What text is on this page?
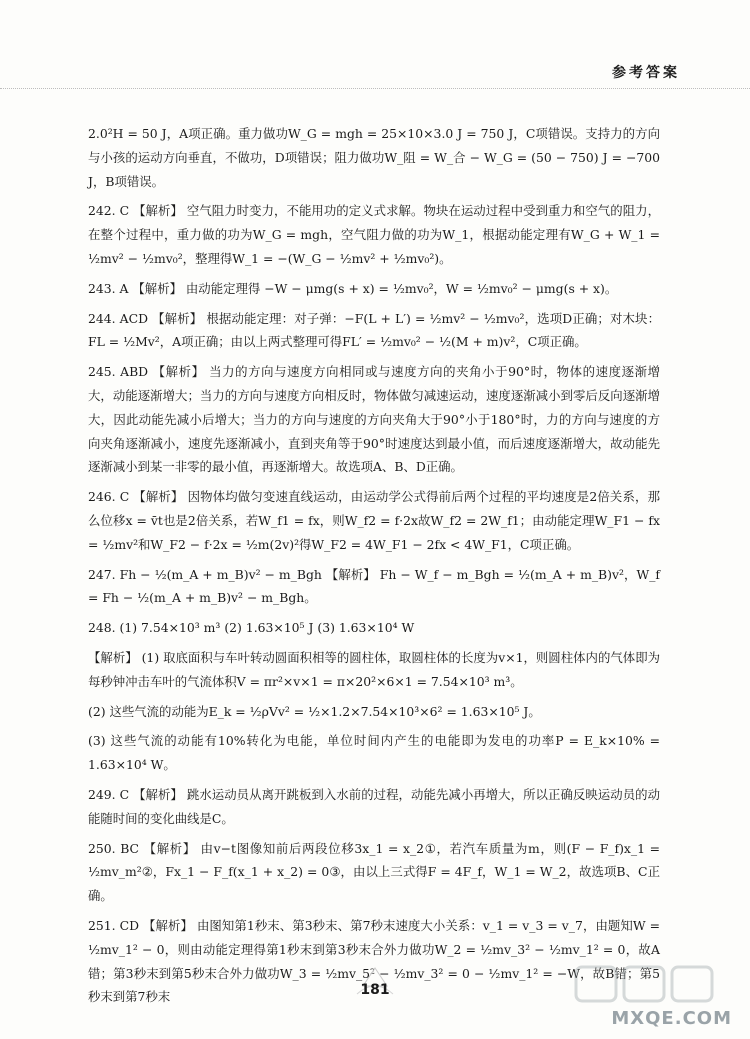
参考答案

2.0²H = 50 J，A项正确。重力做功W_G = mgh = 25×10×3.0 J = 750 J，C项错误。支持力的方向与小孩的运动方向垂直，不做功，D项错误；阻力做功W_阻 = W_合 − W_G = (50 − 750) J = −700 J，B项错误。

242. C 【解析】 空气阻力时变力，不能用功的定义式求解。物块在运动过程中受到重力和空气的阻力，在整个过程中，重力做的功为W_G = mgh，空气阻力做的功为W_1，根据动能定理有W_G + W_1 = ½mv² − ½mv₀²，整理得W_1 = −(W_G − ½mv² + ½mv₀²)。

243. A 【解析】 由动能定理得 −W − μmg(s + x) = ½mv₀²，W = ½mv₀² − μmg(s + x)。

244. ACD 【解析】 根据动能定理：对子弹：−F(L + L′) = ½mv² − ½mv₀²，选项D正确；对木块：FL = ½Mv²，A项正确；由以上两式整理可得FL′ = ½mv₀² − ½(M + m)v²，C项正确。

245. ABD 【解析】 当力的方向与速度方向相同或与速度方向的夹角小于90°时，物体的速度逐渐增大，动能逐渐增大；当力的方向与速度方向相反时，物体做匀减速运动，速度逐渐减小到零后反向逐渐增大，因此动能先减小后增大；当力的方向与速度的方向夹角大于90°小于180°时，力的方向与速度的方向夹角逐渐减小，速度先逐渐减小，直到夹角等于90°时速度达到最小值，而后速度逐渐增大，故动能先逐渐减小到某一非零的最小值，再逐渐增大。故选项A、B、D正确。

246. C 【解析】 因物体均做匀变速直线运动，由运动学公式得前后两个过程的平均速度是2倍关系，那么位移x = v̄t也是2倍关系，若W_f1 = fx，则W_f2 = f·2x故W_f2 = 2W_f1；由动能定理W_F1 − fx = ½mv²和W_F2 − f·2x = ½m(2v)²得W_F2 = 4W_F1 − 2fx < 4W_F1，C项正确。

247. Fh − ½(m_A + m_B)v² − m_Bgh 【解析】 Fh − W_f − m_Bgh = ½(m_A + m_B)v²，W_f = Fh − ½(m_A + m_B)v² − m_Bgh。

248. (1) 7.54×10³ m³ (2) 1.63×10⁵ J (3) 1.63×10⁴ W

【解析】 (1) 取底面积与车叶转动圆面积相等的圆柱体，取圆柱体的长度为v×1，则圆柱体内的气体即为每秒钟冲击车叶的气流体积V = πr²×v×1 = π×20²×6×1 = 7.54×10³ m³。

(2) 这些气流的动能为E_k = ½ρVv² = ½×1.2×7.54×10³×6² = 1.63×10⁵ J。

(3) 这些气流的动能有10%转化为电能，单位时间内产生的电能即为发电的功率P = E_k×10% = 1.63×10⁴ W。

249. C 【解析】 跳水运动员从离开跳板到入水前的过程，动能先减小再增大，所以正确反映运动员的动能随时间的变化曲线是C。

250. BC 【解析】 由v−t图像知前后两段位移3x_1 = x_2①，若汽车质量为m，则(F − F_f)x_1 = ½mv_m²②，Fx_1 − F_f(x_1 + x_2) = 0③，由以上三式得F = 4F_f，W_1 = W_2，故选项B、C正确。

251. CD 【解析】 由图知第1秒末、第3秒末、第7秒末速度大小关系：v_1 = v_3 = v_7，由题知W = ½mv_1² − 0，则由动能定理得第1秒末到第3秒末合外力做功W_2 = ½mv_3² − ½mv_1² = 0，故A错；第3秒末到第5秒末合外力做功W_3 = ½mv_5² − ½mv_3² = 0 − ½mv_1² = −W，故B错；第5秒末到第7秒末	181
MXQE.COM
